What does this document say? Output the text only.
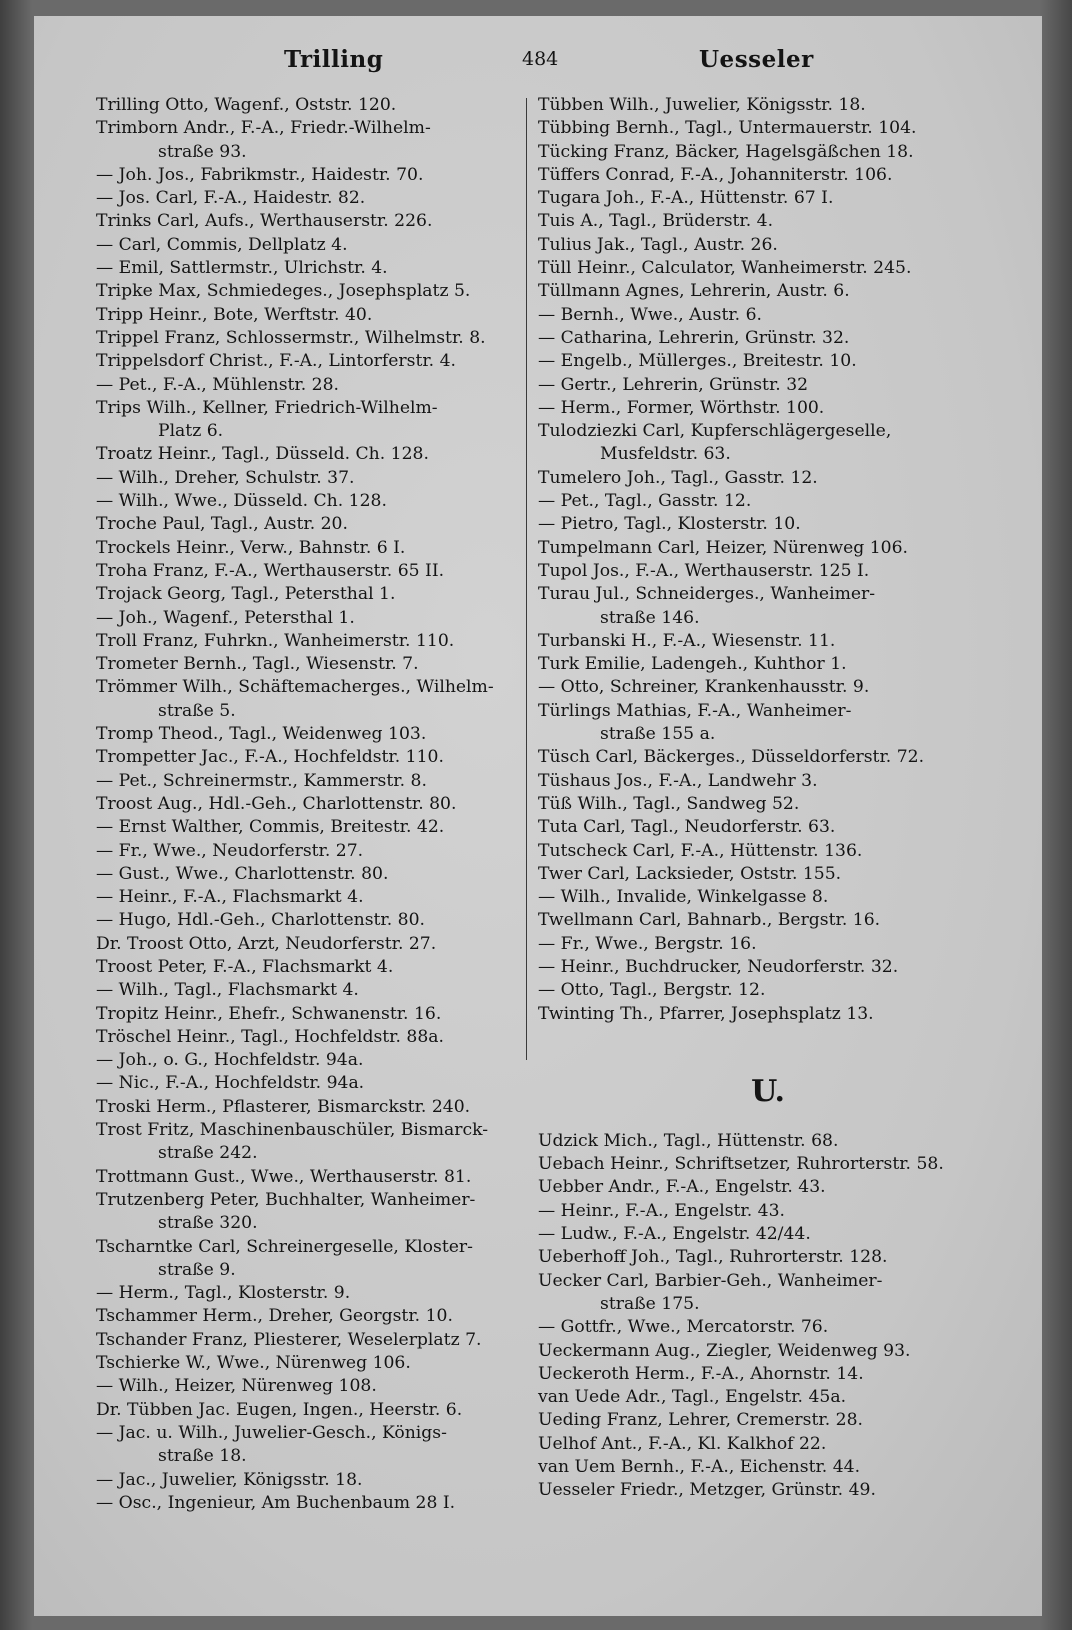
Trilling	484	Uesseler
Trilling Otto, Wagenf., Oststr. 120.
Trimborn Andr., F.-A., Friedr.-Wilhelm-
straße 93.
— Joh. Jos., Fabrikmstr., Haidestr. 70.
— Jos. Carl, F.-A., Haidestr. 82.
Trinks Carl, Aufs., Werthauserstr. 226.
— Carl, Commis, Dellplatz 4.
— Emil, Sattlermstr., Ulrichstr. 4.
Tripke Max, Schmiedeges., Josephsplatz 5.
Tripp Heinr., Bote, Werftstr. 40.
Trippel Franz, Schlossermstr., Wilhelmstr. 8.
Trippelsdorf Christ., F.-A., Lintorferstr. 4.
— Pet., F.-A., Mühlenstr. 28.
Trips Wilh., Kellner, Friedrich-Wilhelm-
Platz 6.
Troatz Heinr., Tagl., Düsseld. Ch. 128.
— Wilh., Dreher, Schulstr. 37.
— Wilh., Wwe., Düsseld. Ch. 128.
Troche Paul, Tagl., Austr. 20.
Trockels Heinr., Verw., Bahnstr. 6 I.
Troha Franz, F.-A., Werthauserstr. 65 II.
Trojack Georg, Tagl., Petersthal 1.
— Joh., Wagenf., Petersthal 1.
Troll Franz, Fuhrkn., Wanheimerstr. 110.
Trometer Bernh., Tagl., Wiesenstr. 7.
Trömmer Wilh., Schäftemacherges., Wilhelm-
straße 5.
Tromp Theod., Tagl., Weidenweg 103.
Trompetter Jac., F.-A., Hochfeldstr. 110.
— Pet., Schreinermstr., Kammerstr. 8.
Troost Aug., Hdl.-Geh., Charlottenstr. 80.
— Ernst Walther, Commis, Breitestr. 42.
— Fr., Wwe., Neudorferstr. 27.
— Gust., Wwe., Charlottenstr. 80.
— Heinr., F.-A., Flachsmarkt 4.
— Hugo, Hdl.-Geh., Charlottenstr. 80.
Dr. Troost Otto, Arzt, Neudorferstr. 27.
Troost Peter, F.-A., Flachsmarkt 4.
— Wilh., Tagl., Flachsmarkt 4.
Tropitz Heinr., Ehefr., Schwanenstr. 16.
Tröschel Heinr., Tagl., Hochfeldstr. 88a.
— Joh., o. G., Hochfeldstr. 94a.
— Nic., F.-A., Hochfeldstr. 94a.
Troski Herm., Pflasterer, Bismarckstr. 240.
Trost Fritz, Maschinenbauschüler, Bismarck-
straße 242.
Trottmann Gust., Wwe., Werthauserstr. 81.
Trutzenberg Peter, Buchhalter, Wanheimer-
straße 320.
Tscharntke Carl, Schreinergeselle, Kloster-
straße 9.
— Herm., Tagl., Klosterstr. 9.
Tschammer Herm., Dreher, Georgstr. 10.
Tschander Franz, Pliesterer, Weselerplatz 7.
Tschierke W., Wwe., Nürenweg 106.
— Wilh., Heizer, Nürenweg 108.
Dr. Tübben Jac. Eugen, Ingen., Heerstr. 6.
— Jac. u. Wilh., Juwelier-Gesch., Königs-
straße 18.
— Jac., Juwelier, Königsstr. 18.
— Osc., Ingenieur, Am Buchenbaum 28 I.
Tübben Wilh., Juwelier, Königsstr. 18.
Tübbing Bernh., Tagl., Untermauerstr. 104.
Tücking Franz, Bäcker, Hagelsgäßchen 18.
Tüffers Conrad, F.-A., Johanniterstr. 106.
Tugara Joh., F.-A., Hüttenstr. 67 I.
Tuis A., Tagl., Brüderstr. 4.
Tulius Jak., Tagl., Austr. 26.
Tüll Heinr., Calculator, Wanheimerstr. 245.
Tüllmann Agnes, Lehrerin, Austr. 6.
— Bernh., Wwe., Austr. 6.
— Catharina, Lehrerin, Grünstr. 32.
— Engelb., Müllerges., Breitestr. 10.
— Gertr., Lehrerin, Grünstr. 32
— Herm., Former, Wörthstr. 100.
Tulodziezki Carl, Kupferschlägergeselle,
Musfeldstr. 63.
Tumelero Joh., Tagl., Gasstr. 12.
— Pet., Tagl., Gasstr. 12.
— Pietro, Tagl., Klosterstr. 10.
Tumpelmann Carl, Heizer, Nürenweg 106.
Tupol Jos., F.-A., Werthauserstr. 125 I.
Turau Jul., Schneiderges., Wanheimer-
straße 146.
Turbanski H., F.-A., Wiesenstr. 11.
Turk Emilie, Ladengeh., Kuhthor 1.
— Otto, Schreiner, Krankenhausstr. 9.
Türlings Mathias, F.-A., Wanheimer-
straße 155 a.
Tüsch Carl, Bäckerges., Düsseldorferstr. 72.
Tüshaus Jos., F.-A., Landwehr 3.
Tüß Wilh., Tagl., Sandweg 52.
Tuta Carl, Tagl., Neudorferstr. 63.
Tutscheck Carl, F.-A., Hüttenstr. 136.
Twer Carl, Lacksieder, Oststr. 155.
— Wilh., Invalide, Winkelgasse 8.
Twellmann Carl, Bahnarb., Bergstr. 16.
— Fr., Wwe., Bergstr. 16.
— Heinr., Buchdrucker, Neudorferstr. 32.
— Otto, Tagl., Bergstr. 12.
Twinting Th., Pfarrer, Josephsplatz 13.
U.
Udzick Mich., Tagl., Hüttenstr. 68.
Uebach Heinr., Schriftsetzer, Ruhrorterstr. 58.
Uebber Andr., F.-A., Engelstr. 43.
— Heinr., F.-A., Engelstr. 43.
— Ludw., F.-A., Engelstr. 42/44.
Ueberhoff Joh., Tagl., Ruhrorterstr. 128.
Uecker Carl, Barbier-Geh., Wanheimer-
straße 175.
— Gottfr., Wwe., Mercatorstr. 76.
Ueckermann Aug., Ziegler, Weidenweg 93.
Ueckeroth Herm., F.-A., Ahornstr. 14.
van Uede Adr., Tagl., Engelstr. 45a.
Ueding Franz, Lehrer, Cremerstr. 28.
Uelhof Ant., F.-A., Kl. Kalkhof 22.
van Uem Bernh., F.-A., Eichenstr. 44.
Uesseler Friedr., Metzger, Grünstr. 49.
